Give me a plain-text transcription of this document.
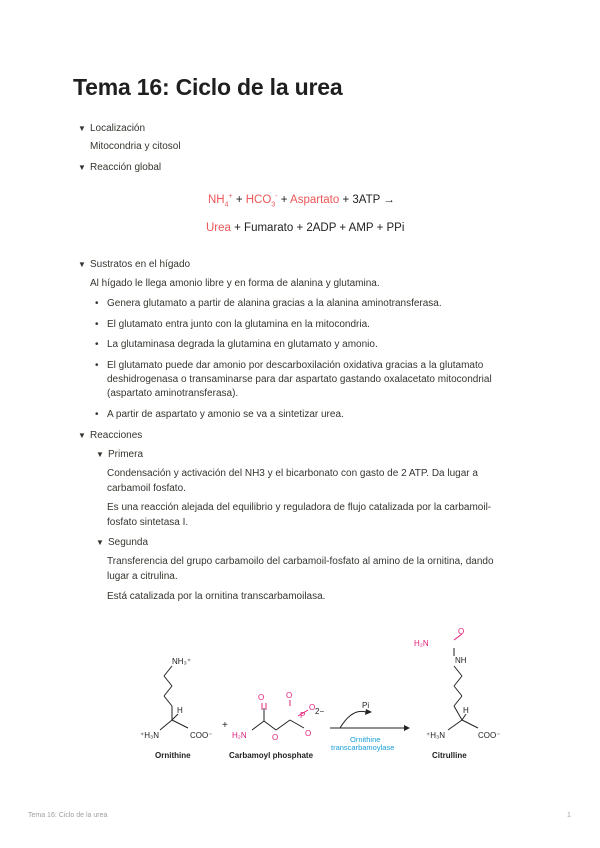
Tema 16: Ciclo de la urea
▼ Localización
Mitocondria y citosol
▼ Reacción global
$NH_4^+ + HCO_3^-$ + Aspartato + 3ATP →
Urea + Fumarato + 2ADP + AMP + PPi
▼ Sustratos en el hígado
Al hígado le llega amonio libre y en forma de alanina y glutamina.
• Genera glutamato a partir de alanina gracias a la alanina aminotransferasa.
• El glutamato entra junto con la glutamina en la mitocondria.
• La glutaminasa degrada la glutamina en glutamato y amonio.
• El glutamato puede dar amonio por descarboxilación oxidativa gracias a la glutamato
deshidrogenasa o transaminarse para dar aspartato gastando oxalacetato mitocondrial
(aspartato aminotransferasa).
• A partir de aspartato y amonio se va a sintetizar urea.
▼ Reacciones
▼ Primera
Condensación y activación del NH3 y el bicarbonato con gasto de 2 ATP. Da lugar a
carbamoil fosfato.
Es una reacción alejada del equilibrio y reguladora de flujo catalizada por la carbamoil-
fosfato sintetasa I.
▼ Segunda
Transferencia del grupo carbamoilo del carbamoil-fosfato al amino de la ornitina, dando
lugar a citrulina.
Está catalizada por la ornitina transcarbamoilasa.
NH₃⁺
⁺H₃N	COO⁻
H
+
NH
⁺H₃N	COO⁻
H
2−
Pi
H₂N
O
O
O
P
O
O
H₂N
O
Ornithine
transcarbamoylase
Ornithine	Carbamoyl phosphate	Citrulline
Tema 16: Ciclo de la urea	1
